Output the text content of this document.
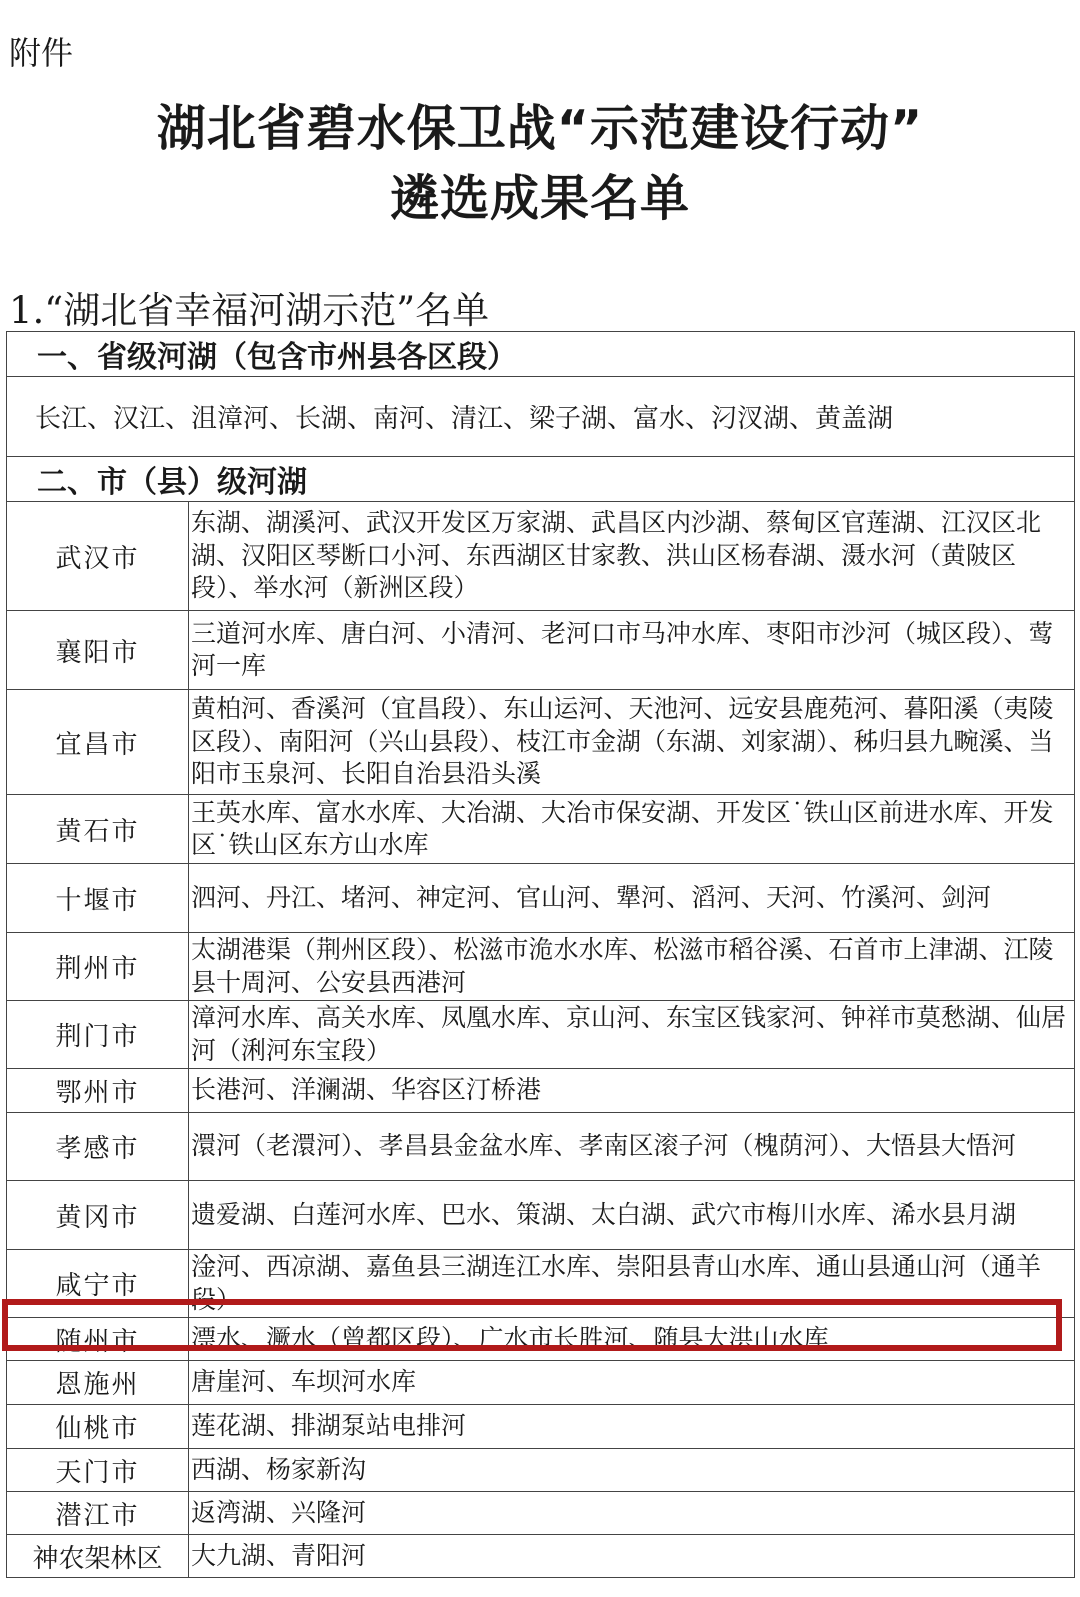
附件
湖北省碧水保卫战“示范建设行动”
遴选成果名单
1.“湖北省幸福河湖示范”名单
一、省级河湖（包含市州县各区段）	
长江、汉江、沮漳河、长湖、南河、清江、梁子湖、富水、汈汊湖、黄盖湖	
二、市（县）级河湖	
武汉市	东湖、湖溪河、武汉开发区万家湖、武昌区内沙湖、蔡甸区官莲湖、江汉区北湖、汉阳区琴断口小河、东西湖区甘家教、洪山区杨春湖、滠水河（黄陂区段）、举水河（新洲区段）
襄阳市	三道河水库、唐白河、小清河、老河口市马冲水库、枣阳市沙河（城区段）、莺河一库
宜昌市	黄柏河、香溪河（宜昌段）、东山运河、天池河、远安县鹿苑河、暮阳溪（夷陵区段）、南阳河（兴山县段）、枝江市金湖（东湖、刘家湖）、秭归县九畹溪、当阳市玉泉河、长阳自治县沿头溪
黄石市	王英水库、富水水库、大冶湖、大冶市保安湖、开发区˙铁山区前进水库、开发区˙铁山区东方山水库
十堰市	泗河、丹江、堵河、神定河、官山河、犟河、滔河、天河、竹溪河、剑河
荆州市	太湖港渠（荆州区段）、松滋市洈水水库、松滋市稻谷溪、石首市上津湖、江陵县十周河、公安县西港河
荆门市	漳河水库、高关水库、凤凰水库、京山河、东宝区钱家河、钟祥市莫愁湖、仙居河（浰河东宝段）
鄂州市	长港河、洋澜湖、华容区汀桥港
孝感市	澴河（老澴河）、孝昌县金盆水库、孝南区滚子河（槐荫河）、大悟县大悟河
黄冈市	遗爱湖、白莲河水库、巴水、策湖、太白湖、武穴市梅川水库、浠水县月湖
咸宁市	淦河、西凉湖、嘉鱼县三湖连江水库、崇阳县青山水库、通山县通山河（通羊段）
随州市	漂水、㵐水（曾都区段）、广水市长胜河、随县大洪山水库
恩施州	唐崖河、车坝河水库
仙桃市	莲花湖、排湖泵站电排河
天门市	西湖、杨家新沟
潜江市	返湾湖、兴隆河
神农架林区	大九湖、青阳河
